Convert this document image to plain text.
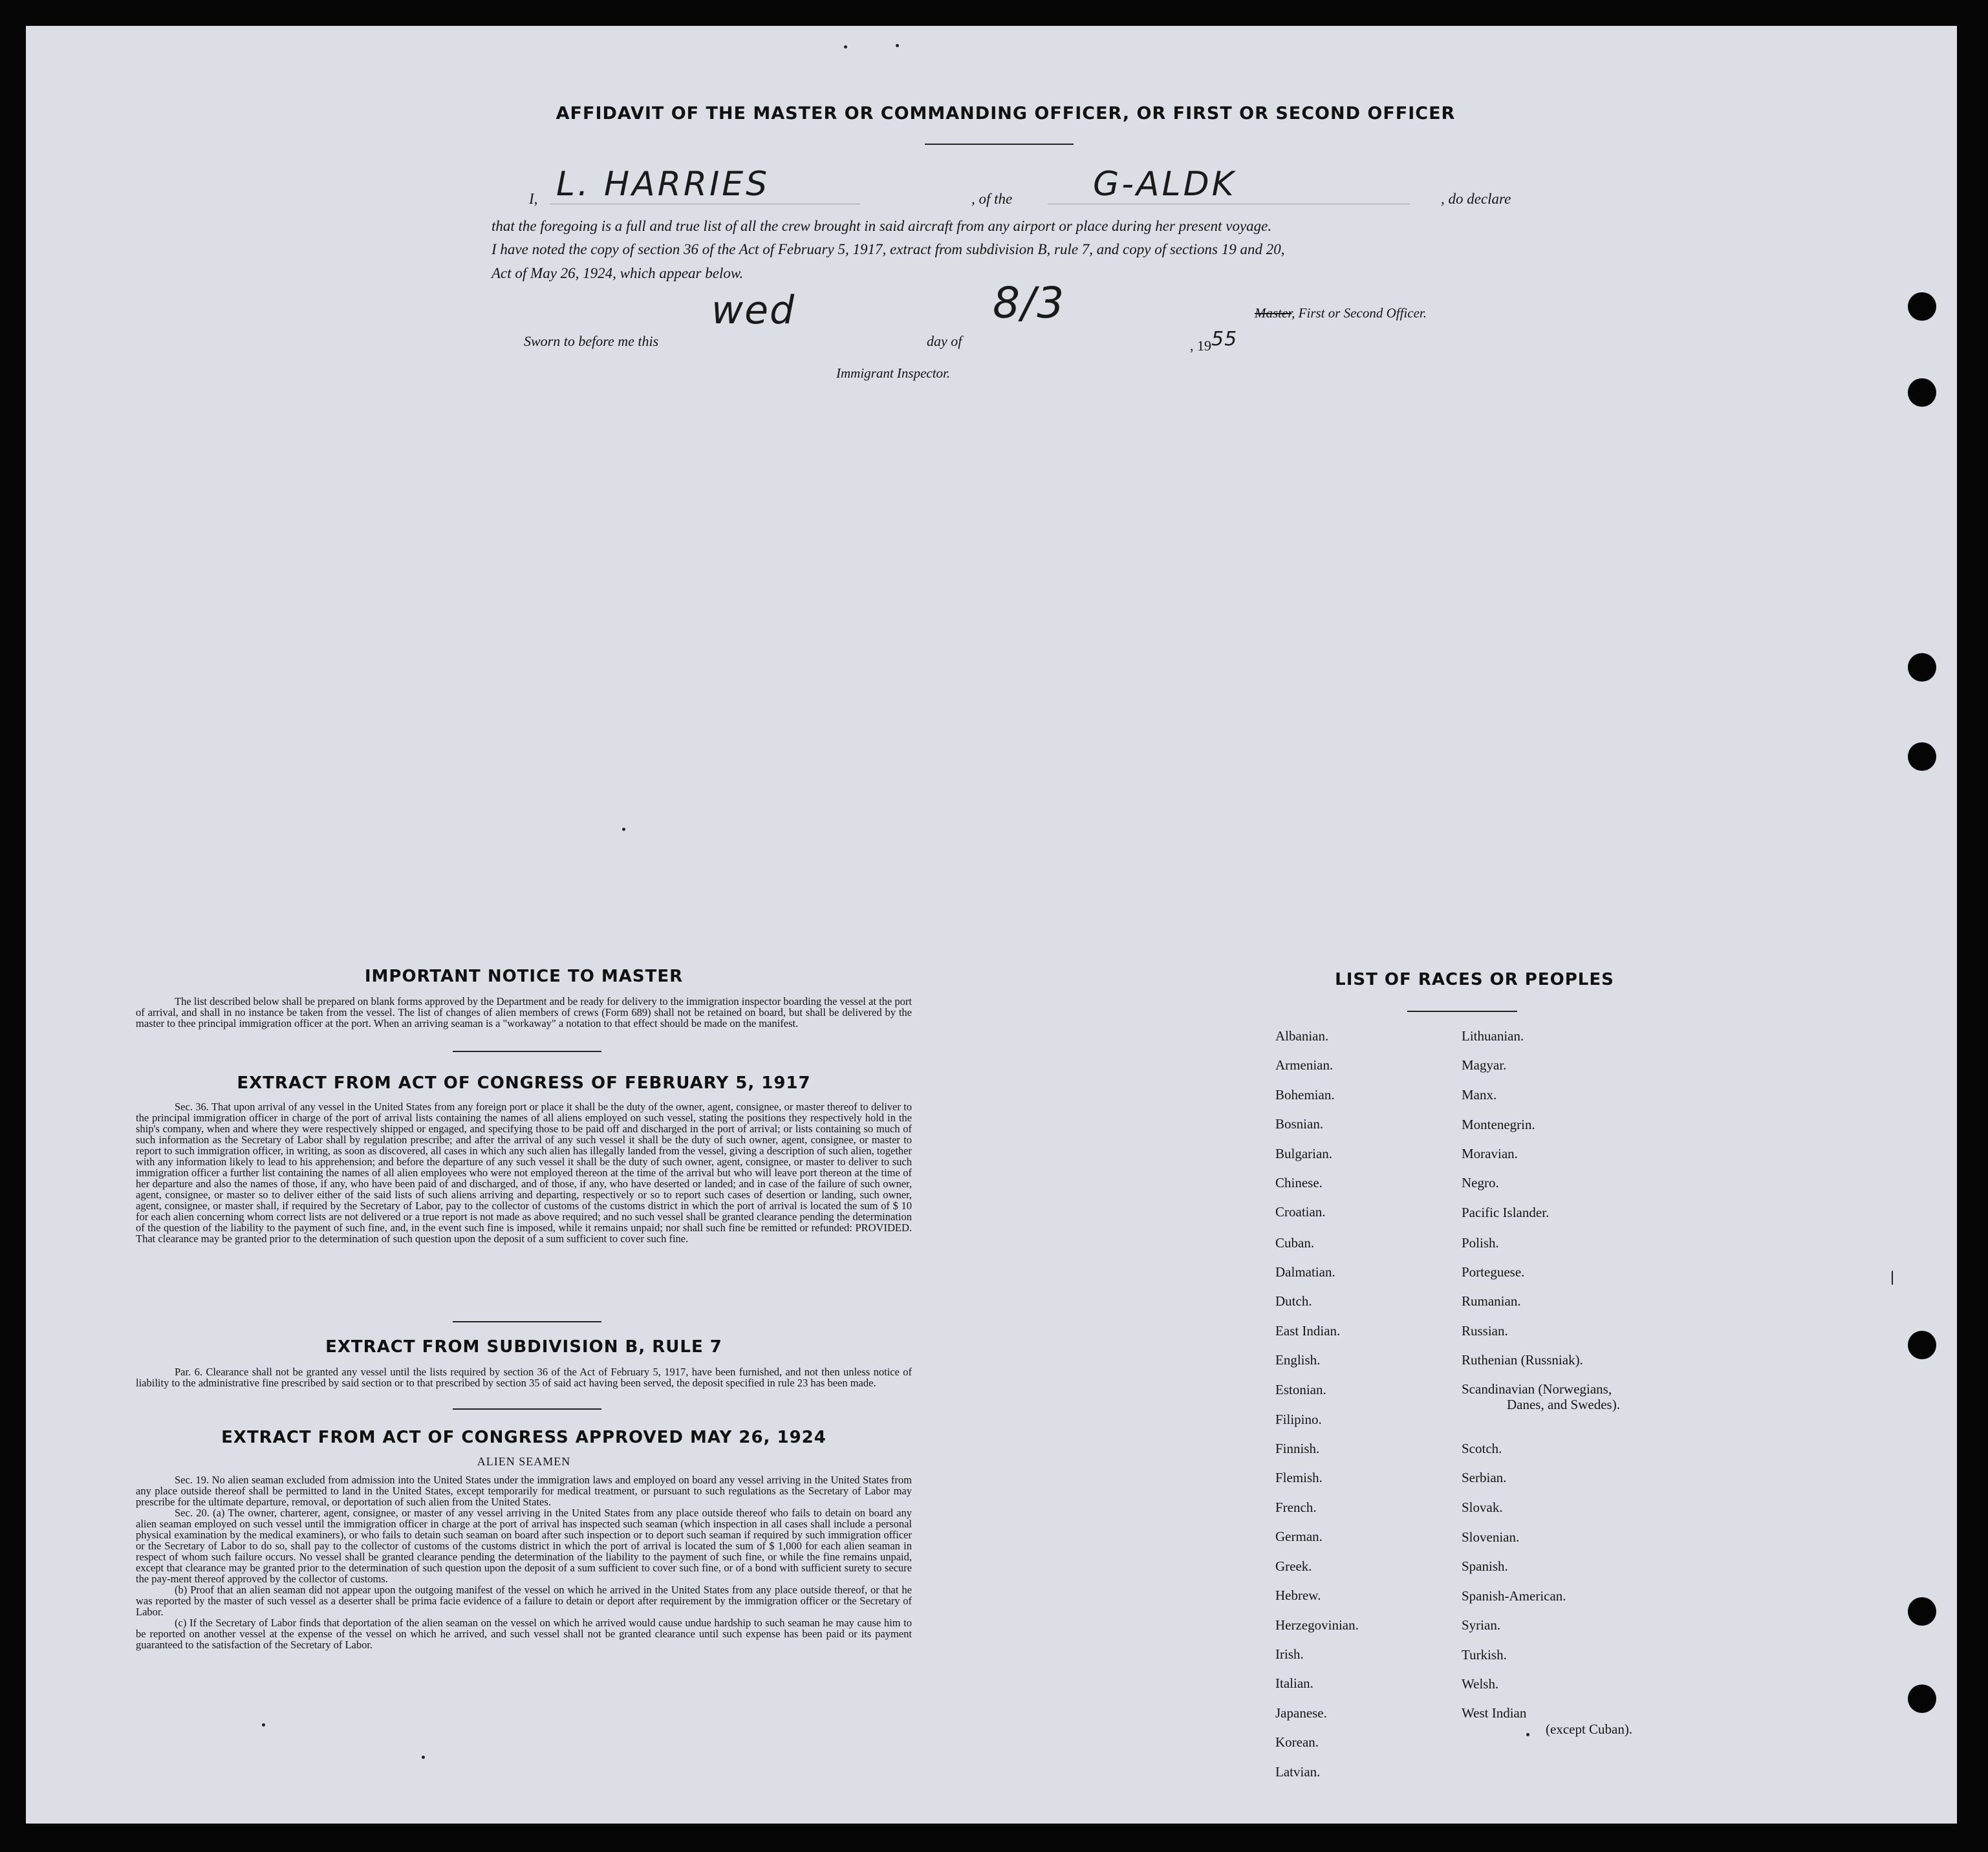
AFFIDAVIT OF THE MASTER OR COMMANDING OFFICER, OR FIRST OR SECOND OFFICER
I, L. HARRIES	, of the G-ALDK	, do declare
that the foregoing is a full and true list of all the crew brought in said aircraft from any airport or place during her present voyage.
I have noted the copy of section 36 of the Act of February 5, 1917, extract from subdivision B, rule 7, and copy of sections 19 and 20,
Act of May 26, 1924, which appear below.
Master, First or Second Officer.
Sworn to before me this
wed
day of
8/3
, 1955
Immigrant Inspector.
IMPORTANT NOTICE TO MASTER
The list described below shall be prepared on blank forms approved by the Department and be ready for delivery to the immigration inspector boarding the vessel at the port of arrival, and shall in no instance be taken from the vessel. The list of changes of alien members of crews (Form 689) shall not be retained on board, but shall be delivered by the master to thee principal immigration officer at the port. When an arriving seaman is a "workaway" a notation to that effect should be made on the manifest.
EXTRACT FROM ACT OF CONGRESS OF FEBRUARY 5, 1917
Sec. 36. That upon arrival of any vessel in the United States from any foreign port or place it shall be the duty of the owner, agent, consignee, or master thereof to deliver to the principal immigration officer in charge of the port of arrival lists containing the names of all aliens employed on such vessel, stating the positions they respectively hold in the ship's company, when and where they were respectively shipped or engaged, and specifying those to be paid off and discharged in the port of arrival; or lists containing so much of such information as the Secretary of Labor shall by regulation prescribe; and after the arrival of any such vessel it shall be the duty of such owner, agent, consignee, or master to report to such immigration officer, in writing, as soon as discovered, all cases in which any such alien has illegally landed from the vessel, giving a description of such alien, together with any information likely to lead to his apprehension; and before the departure of any such vessel it shall be the duty of such owner, agent, consignee, or master to deliver to such immigration officer a further list containing the names of all alien employees who were not employed thereon at the time of the arrival but who will leave port thereon at the time of her departure and also the names of those, if any, who have been paid of and discharged, and of those, if any, who have deserted or landed; and in case of the failure of such owner, agent, consignee, or master so to deliver either of the said lists of such aliens arriving and departing, respectively or so to report such cases of desertion or landing, such owner, agent, consignee, or master shall, if required by the Secretary of Labor, pay to the collector of customs of the customs district in which the port of arrival is located the sum of $ 10 for each alien concerning whom correct lists are not delivered or a true report is not made as above required; and no such vessel shall be granted clearance pending the determination of the question of the liability to the payment of such fine, and, in the event such fine is imposed, while it remains unpaid; nor shall such fine be remitted or refunded: PROVIDED. That clearance may be granted prior to the determination of such question upon the deposit of a sum sufficient to cover such fine.
EXTRACT FROM SUBDIVISION B, RULE 7
Par. 6. Clearance shall not be granted any vessel until the lists required by section 36 of the Act of February 5, 1917, have been furnished, and not then unless notice of liability to the administrative fine prescribed by said section or to that prescribed by section 35 of said act having been served, the deposit specified in rule 23 has been made.
EXTRACT FROM ACT OF CONGRESS APPROVED MAY 26, 1924
ALIEN SEAMEN

Sec. 19. No alien seaman excluded from admission into the United States under the immigration laws and employed on board any vessel arriving in the United States from any place outside thereof shall be permitted to land in the United States, except temporarily for medical treatment, or pursuant to such regulations as the Secretary of Labor may prescribe for the ultimate departure, removal, or deportation of such alien from the United States.

Sec. 20. (a) The owner, charterer, agent, consignee, or master of any vessel arriving in the United States from any place outside thereof who fails to detain on board any alien seaman employed on such vessel until the immigration officer in charge at the port of arrival has inspected such seaman (which inspection in all cases shall include a personal physical examination by the medical examiners), or who fails to detain such seaman on board after such inspection or to deport such seaman if required by such immigration officer or the Secretary of Labor to do so, shall pay to the collector of customs of the customs district in which the port of arrival is located the sum of $ 1,000 for each alien seaman in respect of whom such failure occurs. No vessel shall be granted clearance pending the determination of the liability to the payment of such fine, or while the fine remains unpaid, except that clearance may be granted prior to the determination of such question upon the deposit of a sum sufficient to cover such fine, or of a bond with sufficient surety to secure the pay-ment thereof approved by the collector of customs.

(b) Proof that an alien seaman did not appear upon the outgoing manifest of the vessel on which he arrived in the United States from any place outside thereof, or that he was reported by the master of such vessel as a deserter shall be prima facie evidence of a failure to detain or deport after requirement by the immigration officer or the Secretary of Labor.

(c) If the Secretary of Labor finds that deportation of the alien seaman on the vessel on which he arrived would cause undue hardship to such seaman he may cause him to be reported on another vessel at the expense of the vessel on which he arrived, and such vessel shall not be granted clearance until such expense has been paid or its payment guaranteed to the satisfaction of the Secretary of Labor.

LIST OF RACES OR PEOPLES
Albanian.
Armenian.
Bohemian.
Bosnian.
Bulgarian.
Chinese.
Croatian.
Cuban.
Dalmatian.
Dutch.
East Indian.
English.
Estonian.
Filipino.
Finnish.
Flemish.
French.
German.
Greek.
Hebrew.
Herzegovinian.
Irish.
Italian.
Japanese.
Korean.
Latvian.
Lithuanian.
Magyar.
Manx.
Montenegrin.
Moravian.
Negro.
Pacific Islander.
Polish.
Porteguese.
Rumanian.
Russian.
Ruthenian (Russniak).
Scandinavian (Norwegians,
Danes, and Swedes).
Scotch.
Serbian.
Slovak.
Slovenian.
Spanish.
Spanish-American.
Syrian.
Turkish.
Welsh.
West Indian
(except Cuban).
